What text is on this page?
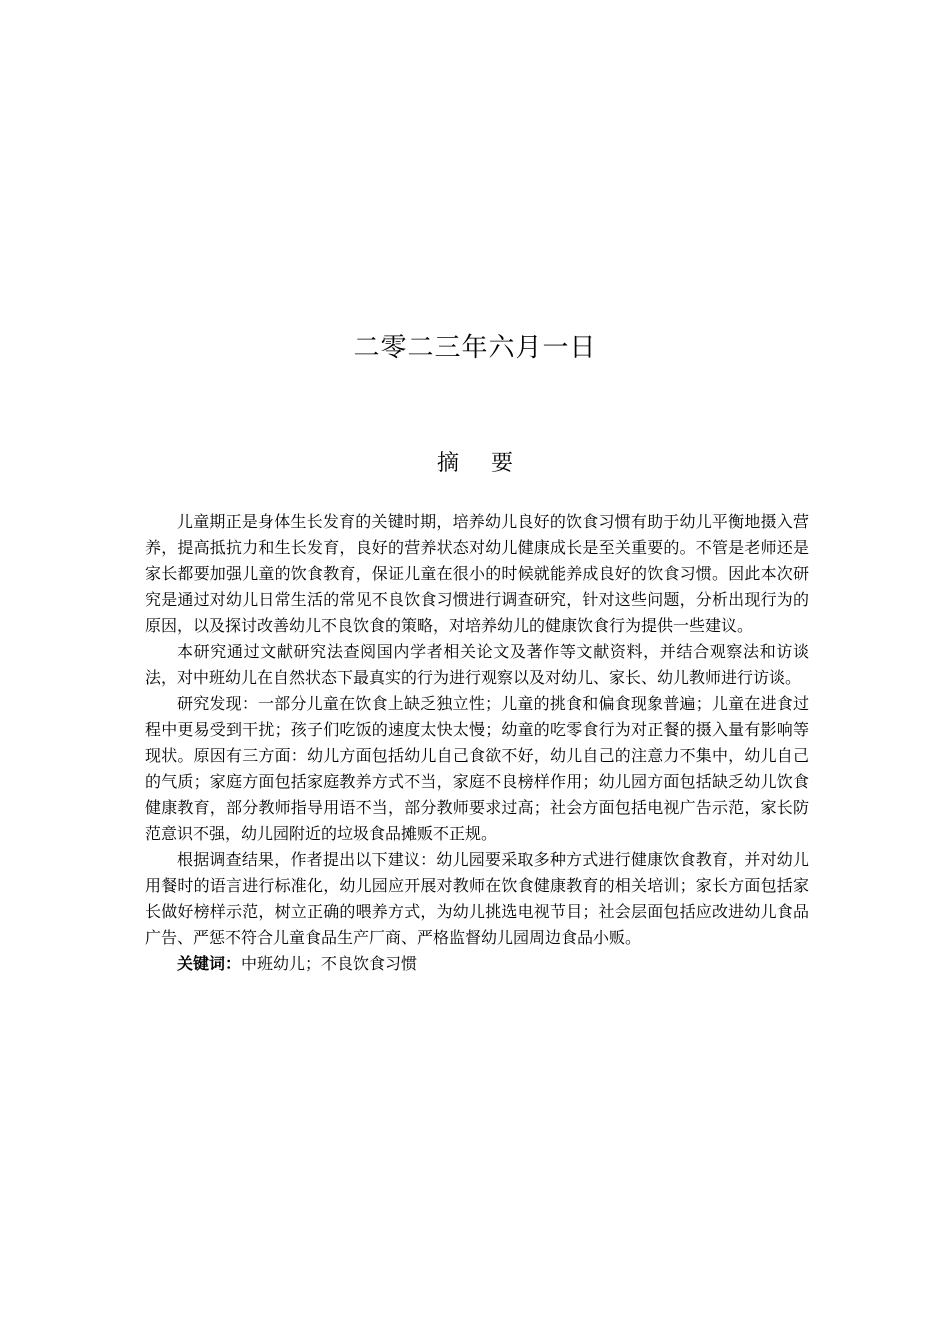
二零二三年六月一日
摘 要

儿童期正是身体生长发育的关键时期，培养幼儿良好的饮食习惯有助于幼儿平衡地摄入营养，提高抵抗力和生长发育，良好的营养状态对幼儿健康成长是至关重要的。不管是老师还是家长都要加强儿童的饮食教育，保证儿童在很小的时候就能养成良好的饮食习惯。因此本次研究是通过对幼儿日常生活的常见不良饮食习惯进行调查研究，针对这些问题，分析出现行为的原因，以及探讨改善幼儿不良饮食的策略，对培养幼儿的健康饮食行为提供一些建议。

本研究通过文献研究法查阅国内学者相关论文及著作等文献资料，并结合观察法和访谈法，对中班幼儿在自然状态下最真实的行为进行观察以及对幼儿、家长、幼儿教师进行访谈。

研究发现：一部分儿童在饮食上缺乏独立性；儿童的挑食和偏食现象普遍；儿童在进食过程中更易受到干扰；孩子们吃饭的速度太快太慢；幼童的吃零食行为对正餐的摄入量有影响等现状。原因有三方面：幼儿方面包括幼儿自己食欲不好，幼儿自己的注意力不集中，幼儿自己的气质；家庭方面包括家庭教养方式不当，家庭不良榜样作用；幼儿园方面包括缺乏幼儿饮食健康教育，部分教师指导用语不当，部分教师要求过高；社会方面包括电视广告示范，家长防范意识不强，幼儿园附近的垃圾食品摊贩不正规。

根据调查结果，作者提出以下建议：幼儿园要采取多种方式进行健康饮食教育，并对幼儿用餐时的语言进行标准化，幼儿园应开展对教师在饮食健康教育的相关培训；家长方面包括家长做好榜样示范，树立正确的喂养方式，为幼儿挑选电视节目；社会层面包括应改进幼儿食品广告、严惩不符合儿童食品生产厂商、严格监督幼儿园周边食品小贩。

关键词：中班幼儿；不良饮食习惯
